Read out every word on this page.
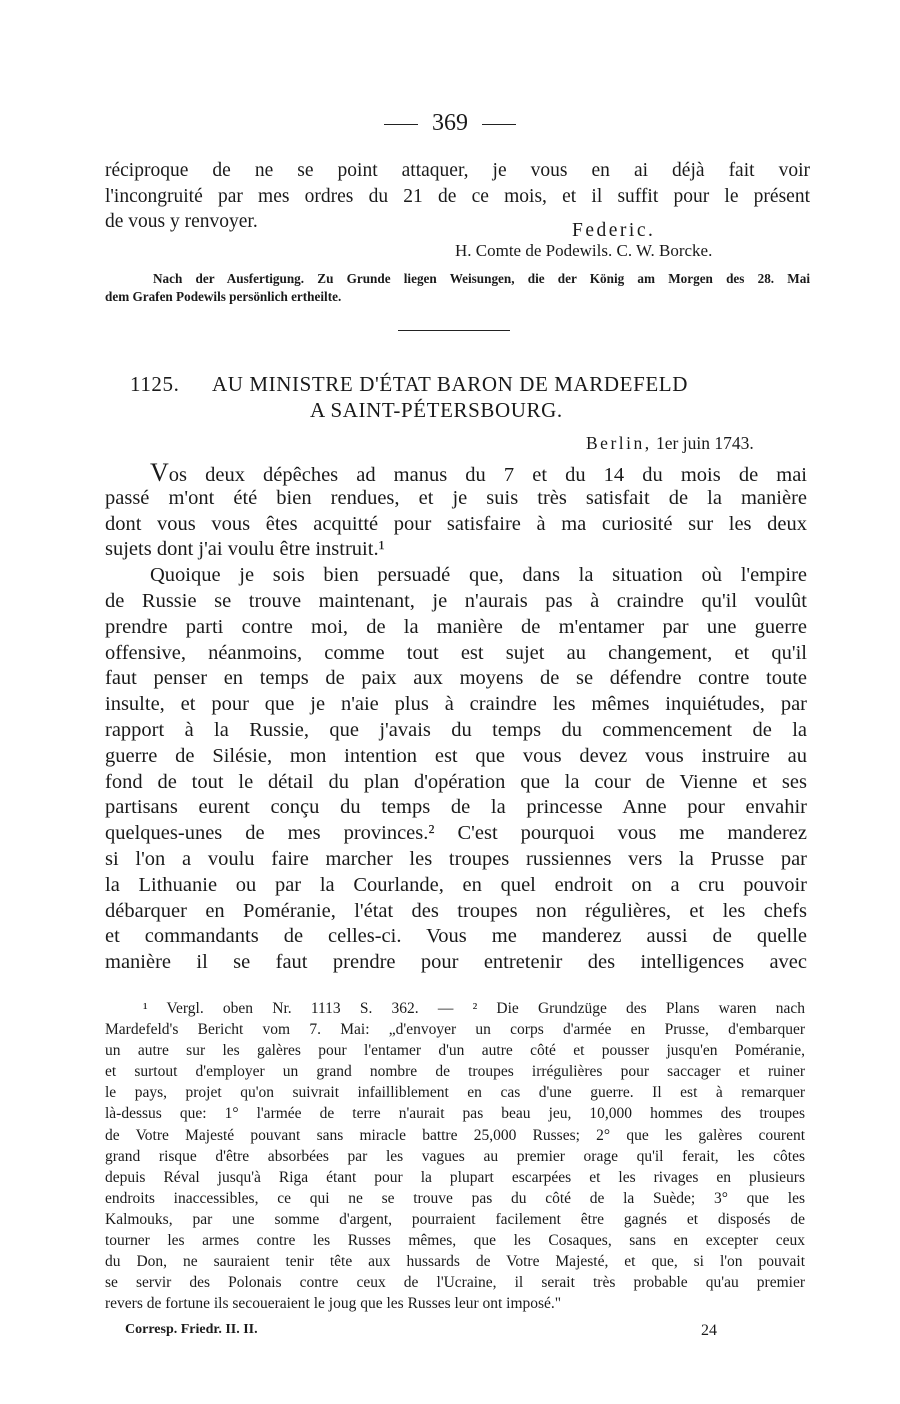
369
réciproque de ne se point attaquer, je vous en ai déjà fait voir
l'incongruité par mes ordres du 21 de ce mois, et il suffit pour le présent
de vous y renvoyer.	Federic.
H. Comte de Podewils. C. W. Borcke.
Nach der Ausfertigung. Zu Grunde liegen Weisungen, die der König am Morgen des 28. Mai
dem Grafen Podewils persönlich ertheilte.
1125. AU MINISTRE D'ÉTAT BARON DE MARDEFELD
A SAINT-PÉTERSBOURG.
Berlin, 1er juin 1743.
Vos deux dépêches ad manus du 7 et du 14 du mois de mai
passé m'ont été bien rendues, et je suis très satisfait de la manière
dont vous vous êtes acquitté pour satisfaire à ma curiosité sur les deux
sujets dont j'ai voulu être instruit.¹
Quoique je sois bien persuadé que, dans la situation où l'empire
de Russie se trouve maintenant, je n'aurais pas à craindre qu'il voulût
prendre parti contre moi, de la manière de m'entamer par une guerre
offensive, néanmoins, comme tout est sujet au changement, et qu'il
faut penser en temps de paix aux moyens de se défendre contre toute
insulte, et pour que je n'aie plus à craindre les mêmes inquiétudes, par
rapport à la Russie, que j'avais du temps du commencement de la
guerre de Silésie, mon intention est que vous devez vous instruire au
fond de tout le détail du plan d'opération que la cour de Vienne et ses
partisans eurent conçu du temps de la princesse Anne pour envahir
quelques-unes de mes provinces.² C'est pourquoi vous me manderez
si l'on a voulu faire marcher les troupes russiennes vers la Prusse par
la Lithuanie ou par la Courlande, en quel endroit on a cru pouvoir
débarquer en Poméranie, l'état des troupes non régulières, et les chefs
et commandants de celles-ci. Vous me manderez aussi de quelle
manière il se faut prendre pour entretenir des intelligences avec
¹ Vergl. oben Nr. 1113 S. 362. — ² Die Grundzüge des Plans waren nach
Mardefeld's Bericht vom 7. Mai: „d'envoyer un corps d'armée en Prusse, d'embarquer
un autre sur les galères pour l'entamer d'un autre côté et pousser jusqu'en Poméranie,
et surtout d'employer un grand nombre de troupes irrégulières pour saccager et ruiner
le pays, projet qu'on suivrait infailliblement en cas d'une guerre. Il est à remarquer
là-dessus que: 1° l'armée de terre n'aurait pas beau jeu, 10,000 hommes des troupes
de Votre Majesté pouvant sans miracle battre 25,000 Russes; 2° que les galères courent
grand risque d'être absorbées par les vagues au premier orage qu'il ferait, les côtes
depuis Réval jusqu'à Riga étant pour la plupart escarpées et les rivages en plusieurs
endroits inaccessibles, ce qui ne se trouve pas du côté de la Suède; 3° que les
Kalmouks, par une somme d'argent, pourraient facilement être gagnés et disposés de
tourner les armes contre les Russes mêmes, que les Cosaques, sans en excepter ceux
du Don, ne sauraient tenir tête aux hussards de Votre Majesté, et que, si l'on pouvait
se servir des Polonais contre ceux de l'Ucraine, il serait très probable qu'au premier
revers de fortune ils secoueraient le joug que les Russes leur ont imposé."
Corresp. Friedr. II. II.	24
